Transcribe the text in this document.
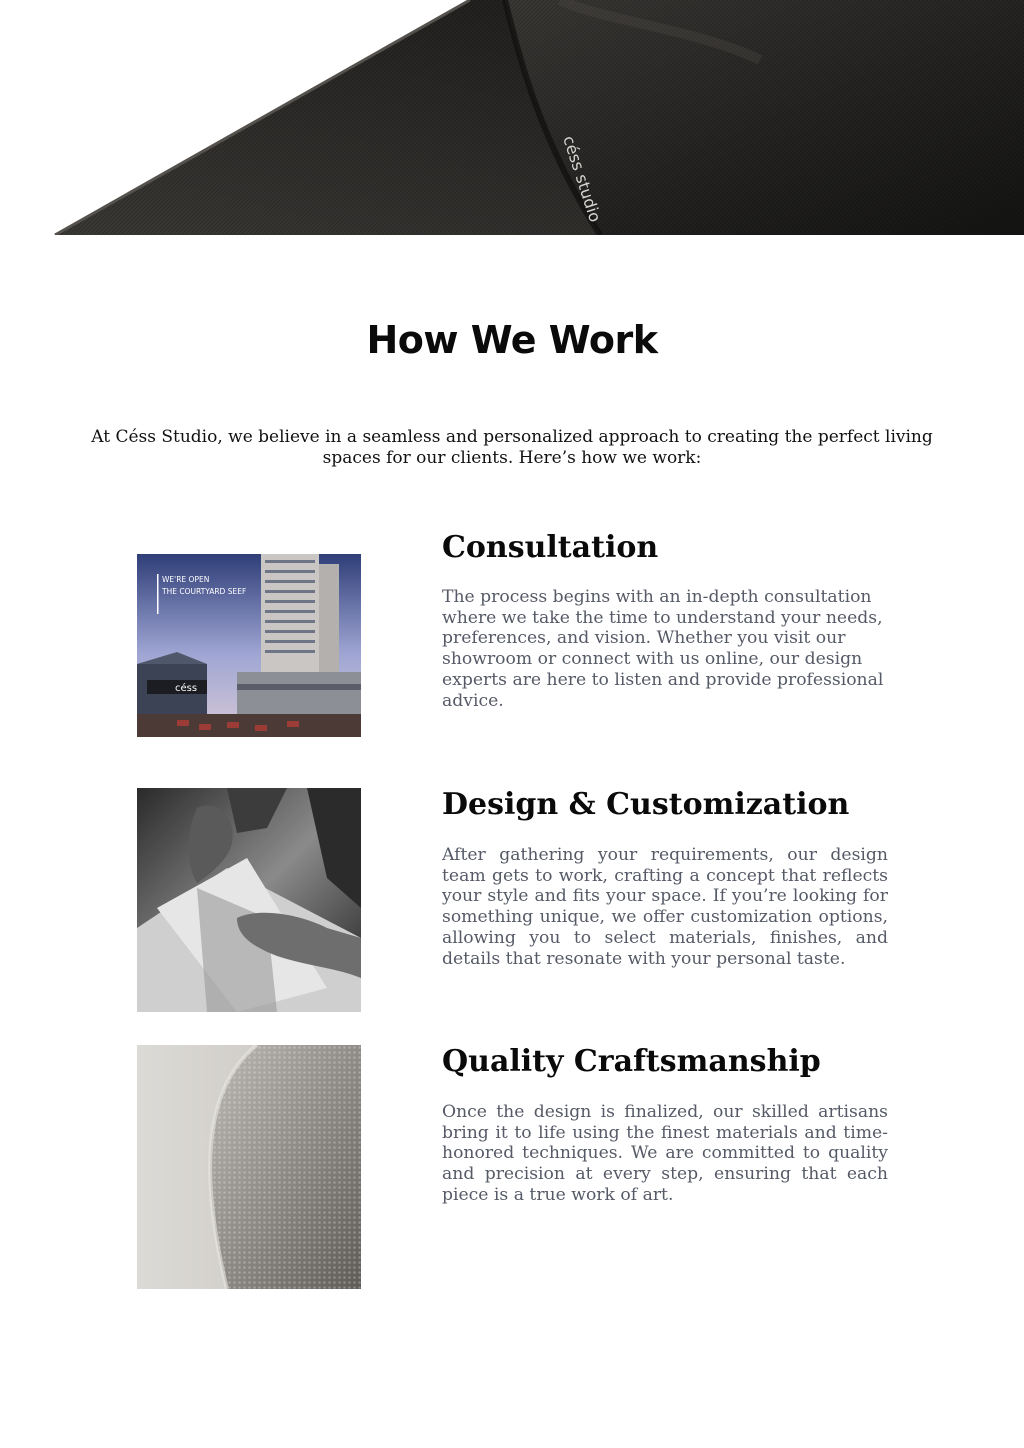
céss studio
How We Work

At Céss Studio, we believe in a seamless and personalized approach to creating the perfect living spaces for our clients. Here’s how we work:

céss
WE'RE OPEN
THE COURTYARD SEEF
Consultation

The process begins with an in-depth consultation where we take the time to understand your needs, preferences, and vision. Whether you visit our showroom or connect with us online, our design experts are here to listen and provide professional advice.

Design & Customization

After gathering your requirements, our design team gets to work, crafting a concept that reflects your style and fits your space. If you’re looking for something unique, we offer customization options, allowing you to select materials, finishes, and details that resonate with your personal taste.

Quality Craftsmanship

Once the design is finalized, our skilled artisans bring it to life using the finest materials and time- honored techniques. We are committed to quality and precision at every step, ensuring that each piece is a true work of art.
